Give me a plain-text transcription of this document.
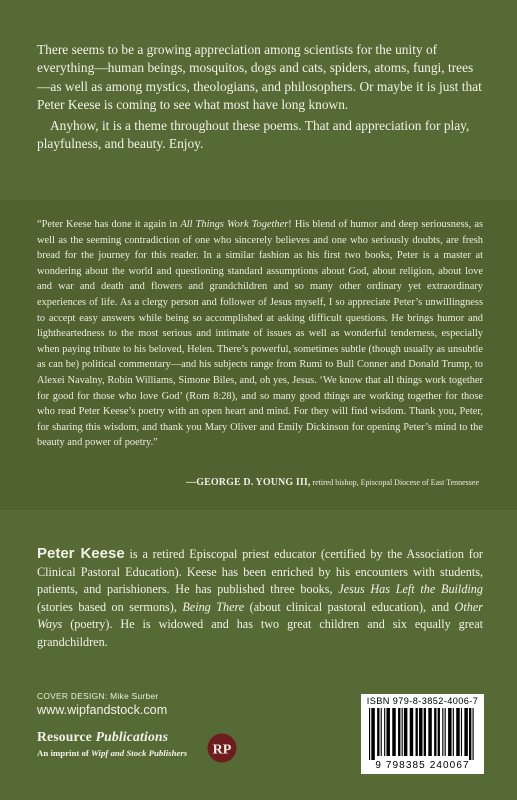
There seems to be a growing appreciation among scientists for the unity of everything—human beings, mosquitos, dogs and cats, spiders, atoms, fungi, trees—as well as among mystics, theologians, and philosophers. Or maybe it is just that Peter Keese is coming to see what most have long known.

Anyhow, it is a theme throughout these poems. That and appreciation for play, playfulness, and beauty. Enjoy.

“Peter Keese has done it again in All Things Work Together! His blend of humor and deep seriousness, as well as the seeming contradiction of one who sincerely believes and one who seriously doubts, are fresh bread for the journey for this reader. In a similar fashion as his first two books, Peter is a master at wondering about the world and questioning standard assumptions about God, about religion, about love and war and death and flowers and grandchildren and so many other ordinary yet extraordinary experiences of life. As a clergy person and follower of Jesus myself, I so appreciate Peter’s unwillingness to accept easy answers while being so accomplished at asking difficult questions. He brings humor and lightheartedness to the most serious and intimate of issues as well as wonderful tenderness, especially when paying tribute to his beloved, Helen. There’s powerful, sometimes subtle (though usually as unsubtle as can be) political commentary—and his subjects range from Rumi to Bull Conner and Donald Trump, to Alexei Navalny, Robin Williams, Simone Biles, and, oh yes, Jesus. ‘We know that all things work together for good for those who love God’ (Rom 8:28), and so many good things are working together for those who read Peter Keese’s poetry with an open heart and mind. For they will find wisdom. Thank you, Peter, for sharing this wisdom, and thank you Mary Oliver and Emily Dickinson for opening Peter’s mind to the beauty and power of poetry.”
—GEORGE D. YOUNG III, retired bishop, Episcopal Diocese of East Tennessee
Peter Keese is a retired Episcopal priest educator (certified by the Association for Clinical Pastoral Education). Keese has been enriched by his encounters with students, patients, and parishioners. He has published three books, Jesus Has Left the Building (stories based on sermons), Being There (about clinical pastoral education), and Other Ways (poetry). He is widowed and has two great children and six equally great grandchildren.
COVER DESIGN: Mike Surber
www.wipfandstock.com
Resource Publications
An imprint of Wipf and Stock Publishers RP
ISBN 979-8-3852-4006-7
9 798385 240067
